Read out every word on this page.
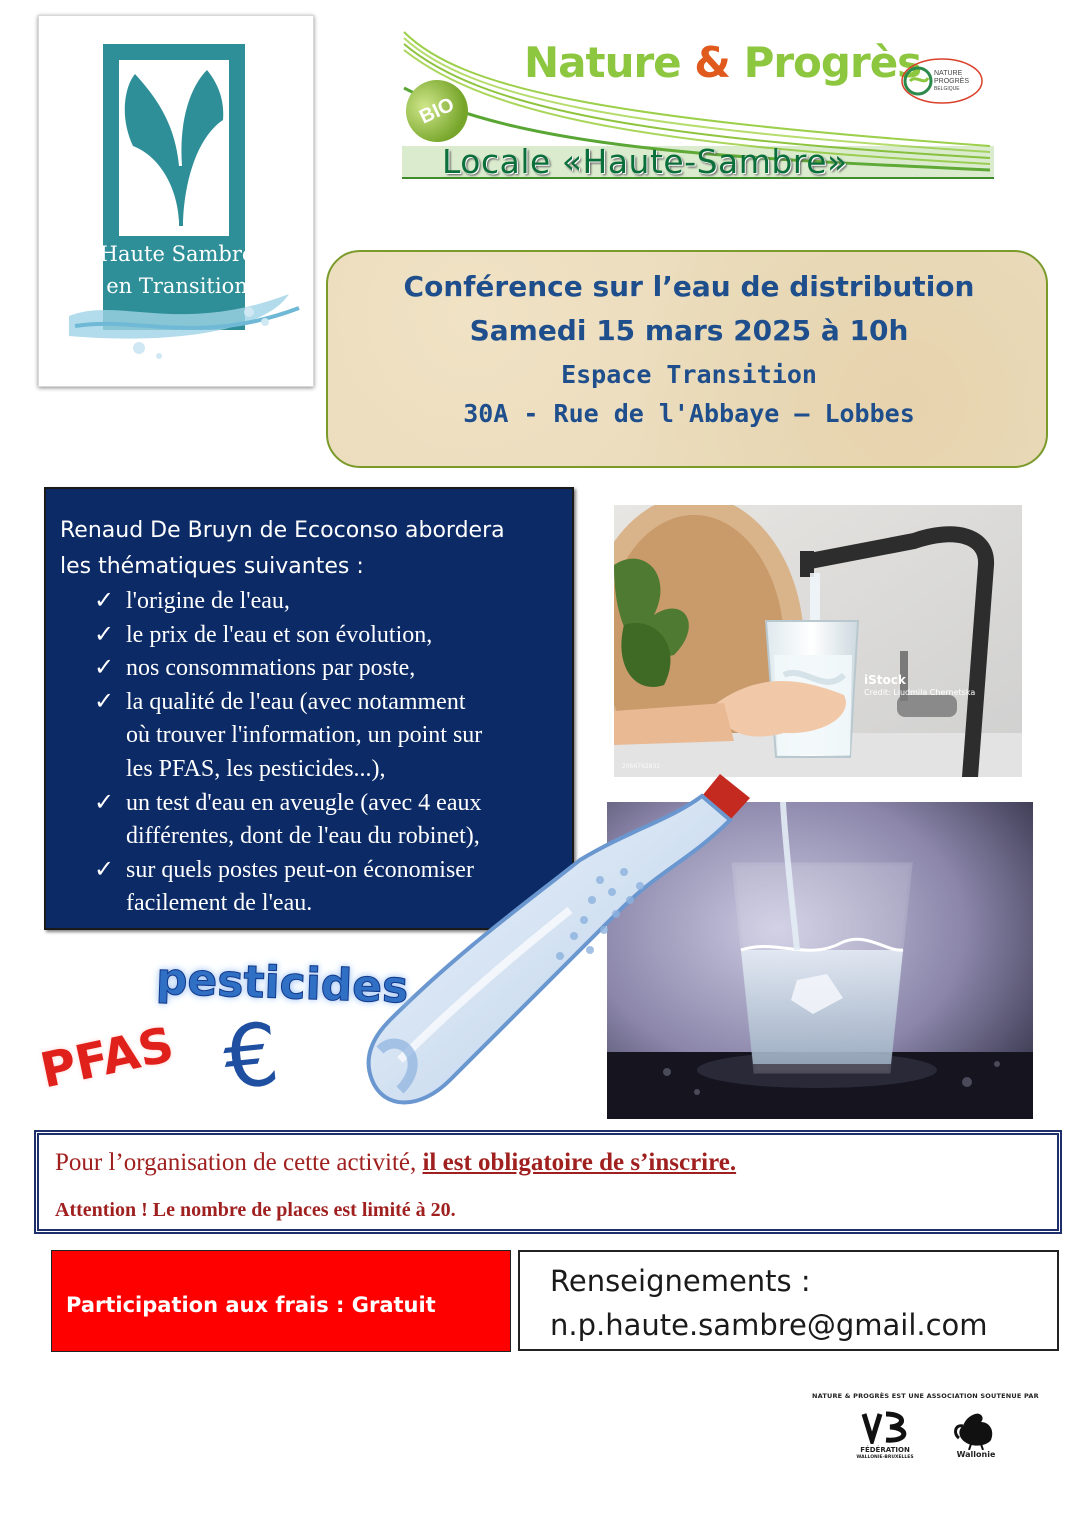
Haute Sambre
en Transition
BIO
Nature & Progrès NATURE
PROGRÈS
BELGIQUE
Locale «Haute-Sambre»
Conférence sur l’eau de distribution
Samedi 15 mars 2025 à 10h
Espace Transition
30A - Rue de l'Abbaye – Lobbes
Renaud De Bruyn de Ecoconso abordera
les thématiques suivantes :
✓ l'origine de l'eau,
✓ le prix de l'eau et son évolution,
✓ nos consommations par poste,
✓ la qualité de l'eau (avec notamment
où trouver l'information, un point sur
les PFAS, les pesticides...),
✓ un test d'eau en aveugle (avec 4 eaux
différentes, dont de l'eau du robinet),
✓ sur quels postes peut-on économiser
facilement de l'eau.
iStock
Credit: Liudmila Chernetska
2066762832
pesticides
PFAS €
Pour l’organisation de cette activité, il est obligatoire de s’inscrire.
Attention ! Le nombre de places est limité à 20.
Participation aux frais : Gratuit
Renseignements :
n.p.haute.sambre@gmail.com
NATURE & PROGRÈS EST UNE ASSOCIATION SOUTENUE PAR
FÉDÉRATION
WALLONIE-BRUXELLES	Wallonie
